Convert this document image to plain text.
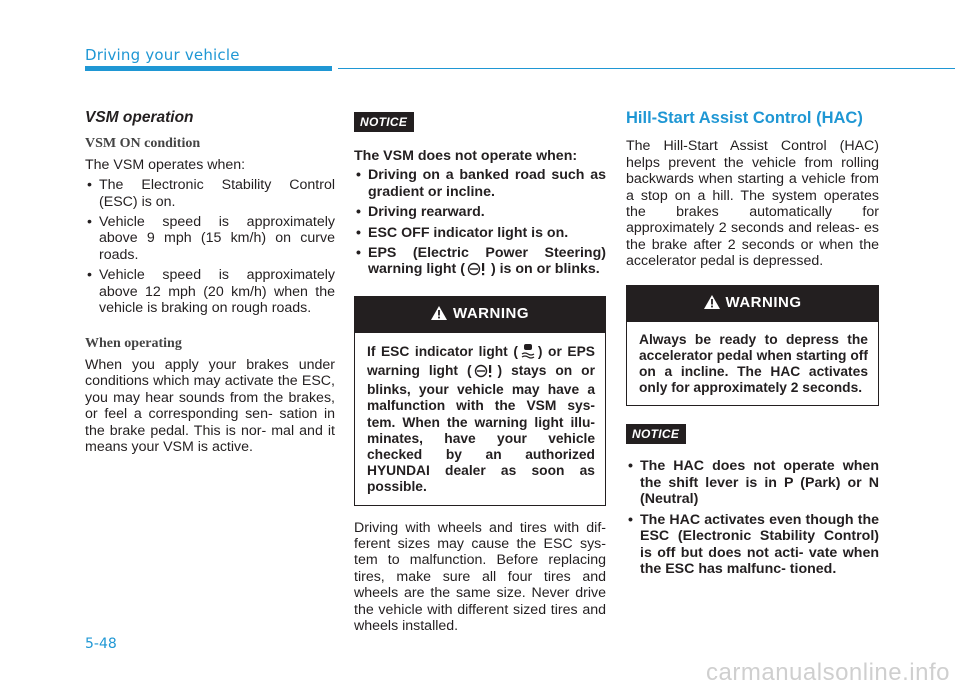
Driving your vehicle
VSM operation
VSM ON condition

The VSM operates when:

• The Electronic Stability Control (ESC) is on.
• Vehicle speed is approximately above 9 mph (15 km/h) on curve roads.
• Vehicle speed is approximately above 12 mph (20 km/h) when the vehicle is braking on rough roads.
When operating

When you apply your brakes under conditions which may activate the ESC, you may hear sounds from the brakes, or feel a corresponding sen- sation in the brake pedal. This is nor- mal and it means your VSM is active.

NOTICE

The VSM does not operate when:

• Driving on a banked road such as gradient or incline.
• Driving rearward.
• ESC OFF indicator light is on.
• EPS (Electric Power Steering) warning light ( ) is on or blinks.
WARNING
If ESC indicator light ( ) or EPS warning light ( ) stays on or blinks, your vehicle may have a malfunction with the VSM sys- tem. When the warning light illu- minates, have your vehicle checked by an authorized HYUNDAI dealer as soon as possible.

Driving with wheels and tires with dif- ferent sizes may cause the ESC sys- tem to malfunction. Before replacing tires, make sure all four tires and wheels are the same size. Never drive the vehicle with different sized tires and wheels installed.

Hill-Start Assist Control (HAC)

The Hill-Start Assist Control (HAC) helps prevent the vehicle from rolling backwards when starting a vehicle from a stop on a hill. The system operates the brakes automatically for approximately 2 seconds and releas- es the brake after 2 seconds or when the accelerator pedal is depressed.

WARNING
Always be ready to depress the accelerator pedal when starting off on a incline. The HAC activates only for approximately 2 seconds.
NOTICE
• The HAC does not operate when the shift lever is in P (Park) or N (Neutral)
• The HAC activates even though the ESC (Electronic Stability Control) is off but does not acti- vate when the ESC has malfunc- tioned.
5-48
carmanualsonline.info
